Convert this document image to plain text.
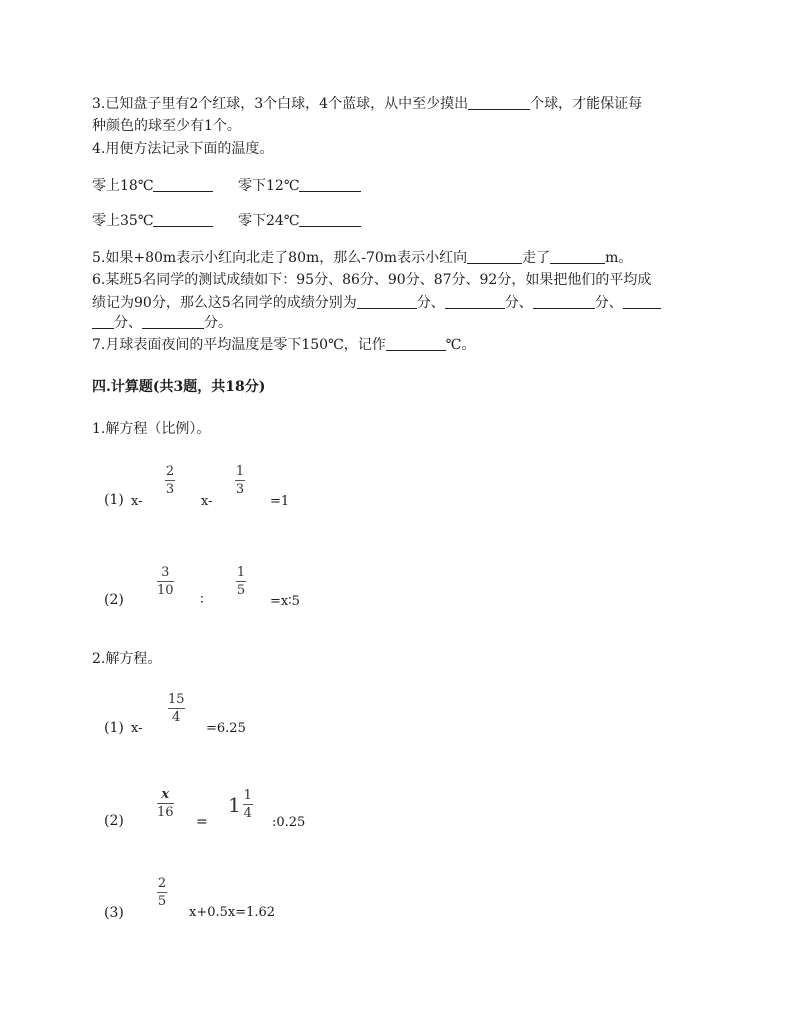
3.已知盘子里有2个红球，3个白球，4个蓝球，从中至少摸出	个球，才能保证每
种颜色的球至少有1个。
4.用便方法记录下面的温度。
零上18℃	零下12℃
零上35℃	零下24℃
5.如果+80m表示小红向北走了80m，那么-70m表示小红向	走了	m。
6.某班5名同学的测试成绩如下：95分、86分、90分、87分、92分，如果把他们的平均成
绩记为90分，那么这5名同学的成绩分别为	分、	分、	分、
分、	分。
7.月球表面夜间的平均温度是零下150℃，记作	℃。
四.计算题(共3题，共18分)
1.解方程（比例）。
(1) x-
2
3
x-
1
3
=1
(2)
3
10
∶
1
5
=x∶5
2.解方程。
(1) x-
15
4
=6.25
(2)
x
16
=
$1 \frac{1}{4}$
:0.25
(3)
2
5
x+0.5x=1.62
